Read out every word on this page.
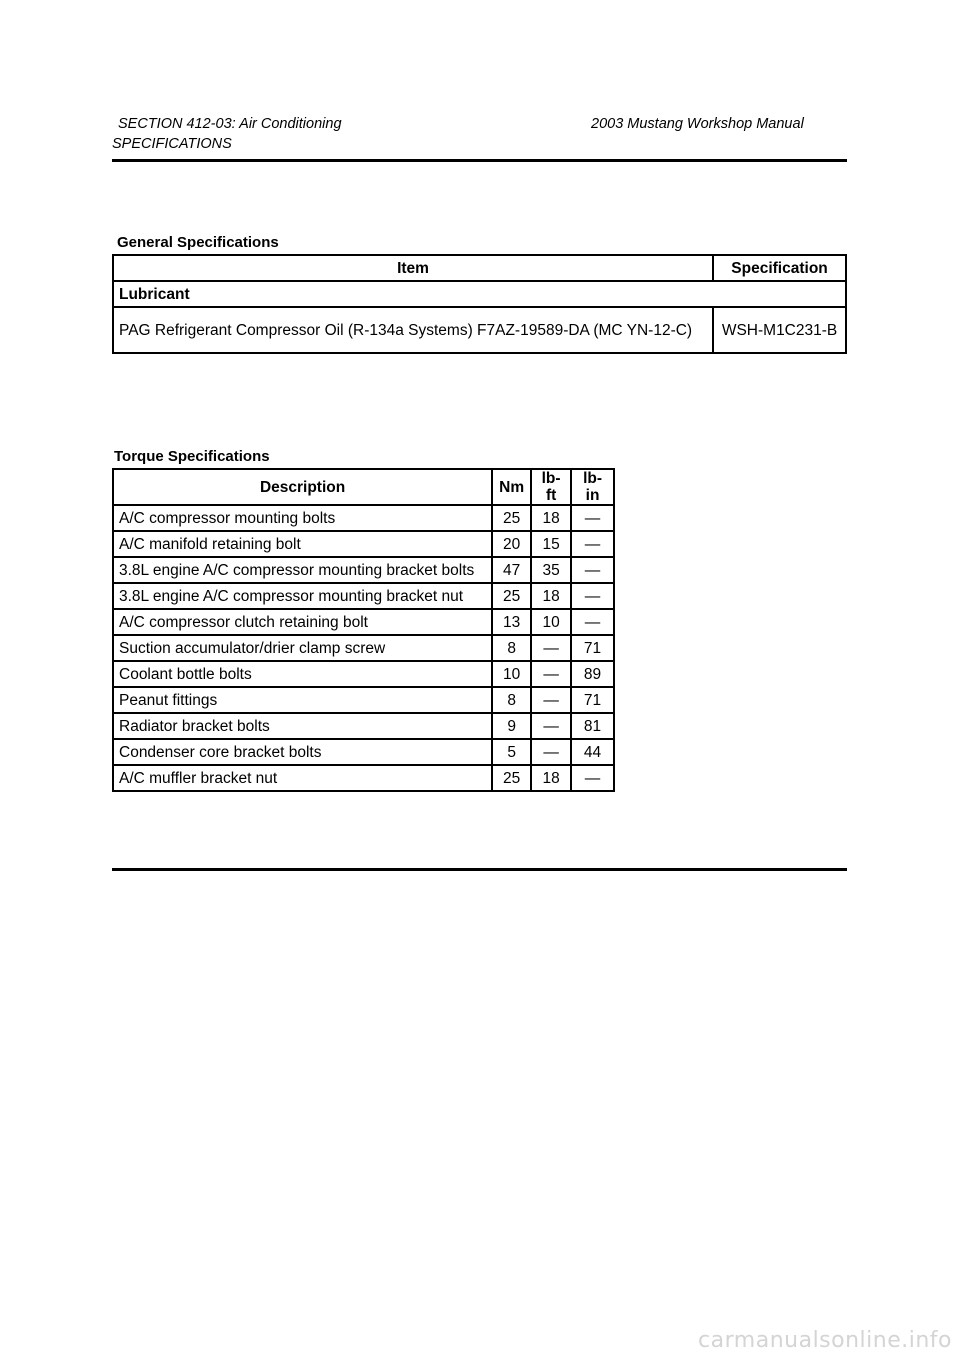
SECTION 412-03: Air Conditioning	2003 Mustang Workshop Manual
SPECIFICATIONS
General Specifications
Item	Specification
Lubricant	
PAG Refrigerant Compressor Oil (R-134a Systems) F7AZ-19589-DA (MC YN-12-C)	WSH-M1C231-B
Torque Specifications
Description	Nm	lb-ft	lb-in
A/C compressor mounting bolts	25	18	—
A/C manifold retaining bolt	20	15	—
3.8L engine A/C compressor mounting bracket bolts	47	35	—
3.8L engine A/C compressor mounting bracket nut	25	18	—
A/C compressor clutch retaining bolt	13	10	—
Suction accumulator/drier clamp screw	8	—	71
Coolant bottle bolts	10	—	89
Peanut fittings	8	—	71
Radiator bracket bolts	9	—	81
Condenser core bracket bolts	5	—	44
A/C muffler bracket nut	25	18	—
carmanualsonline.info
